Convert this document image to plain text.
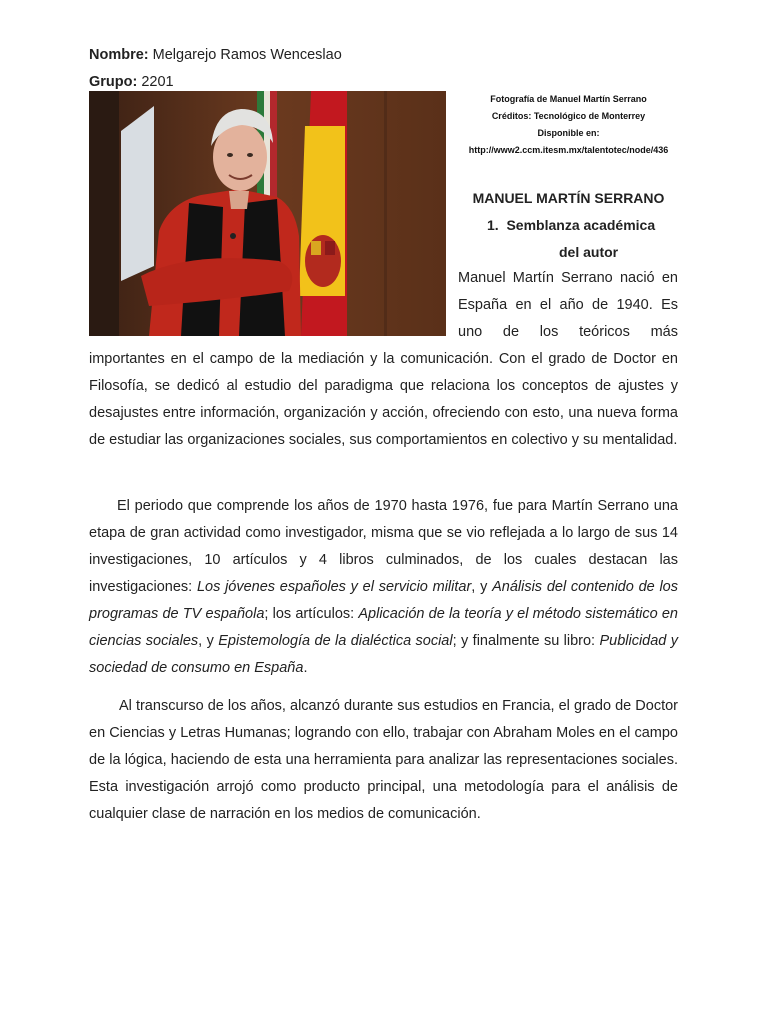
Nombre: Melgarejo Ramos Wenceslao
Grupo: 2201
Fotografía de Manuel Martín Serrano
Créditos: Tecnológico de Monterrey
Disponible en:
http://www2.ccm.itesm.mx/talentotec/node/436
MANUEL MARTÍN SERRANO
1. Semblanza académica
del autor
Manuel Martín Serrano nació en
España en el año de 1940. Es
uno de los teóricos más
importantes en el campo de la mediación y la comunicación. Con el grado de Doctor en Filosofía, se dedicó al estudio del paradigma que relaciona los conceptos de ajustes y desajustes entre información, organización y acción, ofreciendo con esto, una nueva forma de estudiar las organizaciones sociales, sus comportamientos en colectivo y su mentalidad.
El periodo que comprende los años de 1970 hasta 1976, fue para Martín Serrano una etapa de gran actividad como investigador, misma que se vio reflejada a lo largo de sus 14 investigaciones, 10 artículos y 4 libros culminados, de los cuales destacan las investigaciones: Los jóvenes españoles y el servicio militar, y Análisis del contenido de los programas de TV española; los artículos: Aplicación de la teoría y el método sistemático en ciencias sociales, y Epistemología de la dialéctica social; y finalmente su libro: Publicidad y sociedad de consumo en España.
Al transcurso de los años, alcanzó durante sus estudios en Francia, el grado de Doctor en Ciencias y Letras Humanas; logrando con ello, trabajar con Abraham Moles en el campo de la lógica, haciendo de esta una herramienta para analizar las representaciones sociales. Esta investigación arrojó como producto principal, una metodología para el análisis de cualquier clase de narración en los medios de comunicación.
